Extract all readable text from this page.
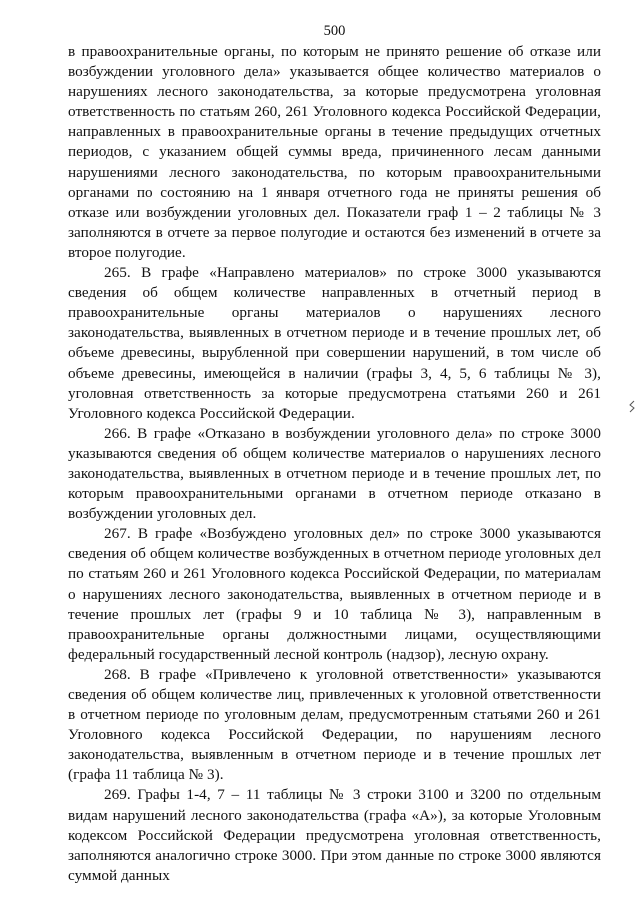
500

в правоохранительные органы, по которым не принято решение об отказе или возбуждении уголовного дела» указывается общее количество материалов о нарушениях лесного законодательства, за которые предусмотрена уголовная ответственность по статьям 260, 261 Уголовного кодекса Российской Федерации, направленных в правоохранительные органы в течение предыдущих отчетных периодов, с указанием общей суммы вреда, причиненного лесам данными нарушениями лесного законодательства, по которым правоохранительными органами по состоянию на 1 января отчетного года не приняты решения об отказе или возбуждении уголовных дел. Показатели граф 1 – 2 таблицы № 3 заполняются в отчете за первое полугодие и остаются без изменений в отчете за второе полугодие.

265. В графе «Направлено материалов» по строке 3000 указываются сведения об общем количестве направленных в отчетный период в правоохранительные органы материалов о нарушениях лесного законодательства, выявленных в отчетном периоде и в течение прошлых лет, об объеме древесины, вырубленной при совершении нарушений, в том числе об объеме древесины, имеющейся в наличии (графы 3, 4, 5, 6 таблицы № 3), уголовная ответственность за которые предусмотрена статьями 260 и 261 Уголовного кодекса Российской Федерации.

266. В графе «Отказано в возбуждении уголовного дела» по строке 3000 указываются сведения об общем количестве материалов о нарушениях лесного законодательства, выявленных в отчетном периоде и в течение прошлых лет, по которым правоохранительными органами в отчетном периоде отказано в возбуждении уголовных дел.

267. В графе «Возбуждено уголовных дел» по строке 3000 указываются сведения об общем количестве возбужденных в отчетном периоде уголовных дел по статьям 260 и 261 Уголовного кодекса Российской Федерации, по материалам о нарушениях лесного законодательства, выявленных в отчетном периоде и в течение прошлых лет (графы 9 и 10 таблица № 3), направленным в правоохранительные органы должностными лицами, осуществляющими федеральный государственный лесной контроль (надзор), лесную охрану.

268. В графе «Привлечено к уголовной ответственности» указываются сведения об общем количестве лиц, привлеченных к уголовной ответственности в отчетном периоде по уголовным делам, предусмотренным статьями 260 и 261 Уголовного кодекса Российской Федерации, по нарушениям лесного законодательства, выявленным в отчетном периоде и в течение прошлых лет (графа 11 таблица № 3).

269. Графы 1-4, 7 – 11 таблицы № 3 строки 3100 и 3200 по отдельным видам нарушений лесного законодательства (графа «А»), за которые Уголовным кодексом Российской Федерации предусмотрена уголовная ответственность, заполняются аналогично строке 3000. При этом данные по строке 3000 являются суммой данных
